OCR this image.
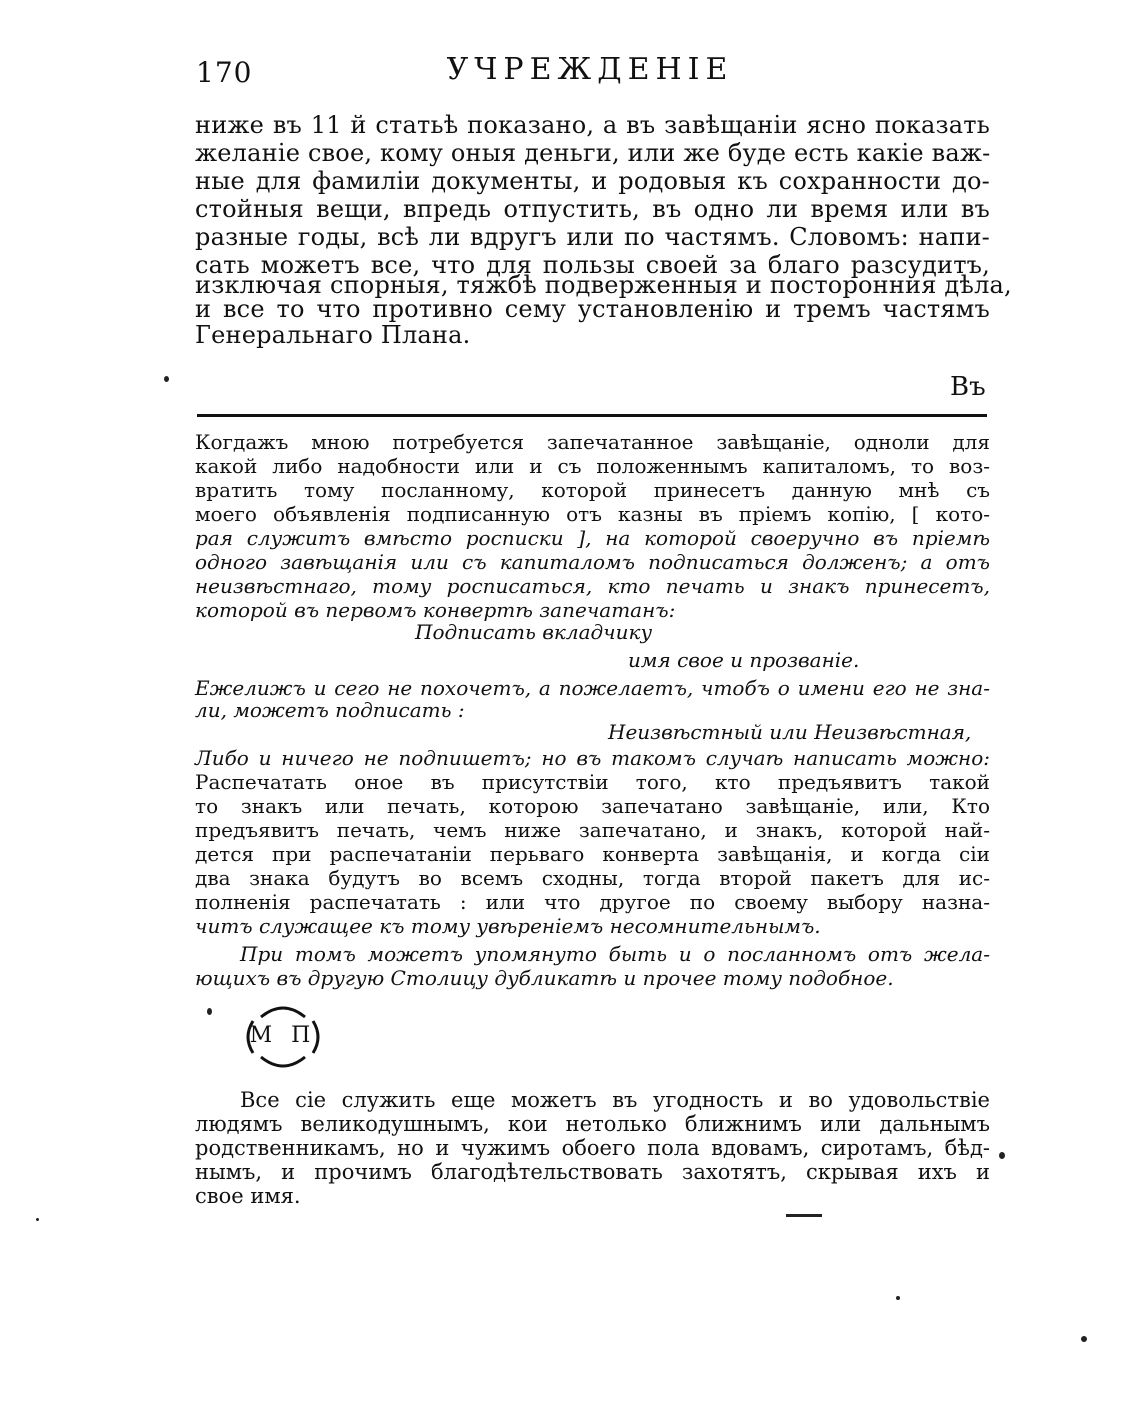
170	УЧРЕЖДЕНІЕ
ниже въ 11 й статьѣ показано, а въ завѣщаніи ясно показать
желаніе свое, кому оныя деньги, или же буде есть какіе важ-
ные для фамиліи документы, и родовыя къ сохранности до-
стойныя вещи, впредь отпустить, въ одно ли время или въ
разные годы, всѣ ли вдругъ или по частямъ. Словомъ: напи-
сать можетъ все, что для пользы своей за благо разсудитъ,
изключая спорныя, тяжбѣ подверженныя и посторонния дѣла,
и все то что противно сему установленію и тремъ частямъ
Генеральнаго Плана.
Въ
Когдажъ мною потребуется запечатанное завѣщаніе, одноли для
какой либо надобности или и съ положеннымъ капиталомъ, то воз-
вратить тому посланному, которой принесетъ данную мнѣ съ
моего объявленія подписанную отъ казны въ пріемъ копію, [ кото-
рая служитъ вмѣсто росписки ], на которой своеручно въ пріемѣ
одного завѣщанія или съ капиталомъ подписаться долженъ; а отъ
неизвѣстнаго, тому росписаться, кто печать и знакъ принесетъ,
которой въ первомъ конвертѣ запечатанъ:
Подписать вкладчику
имя свое и прозваніе.
Ежелижъ и сего не похочетъ, а пожелаетъ, чтобъ о имени его не зна-
ли, можетъ подписать :
Неизвѣстный или Неизвѣстная,
Либо и ничего не подпишетъ; но въ такомъ случаѣ написать можно:
Распечатать оное въ присутствіи того, кто предъявитъ такой
то знакъ или печать, которою запечатано завѣщаніе, или, Кто
предъявитъ печать, чемъ ниже запечатано, и знакъ, которой най-
дется при распечатаніи перьваго конверта завѣщанія, и когда сіи
два знака будутъ во всемъ сходны, тогда второй пакетъ для ис-
полненія распечатать : или что другое по своему выбору назна-
читъ служащее къ тому увѣреніемъ несомнительнымъ.
При томъ можетъ упомянуто быть и о посланномъ отъ жела-
ющихъ въ другую Столицу дубликатѣ и прочее тому подобное.
М П
Все сіе служить еще можетъ въ угодность и во удовольствіе
людямъ великодушнымъ, кои нетолько ближнимъ или дальнымъ
родственникамъ, но и чужимъ обоего пола вдовамъ, сиротамъ, бѣд-
нымъ, и прочимъ благодѣтельствовать захотятъ, скрывая ихъ и
свое имя.
